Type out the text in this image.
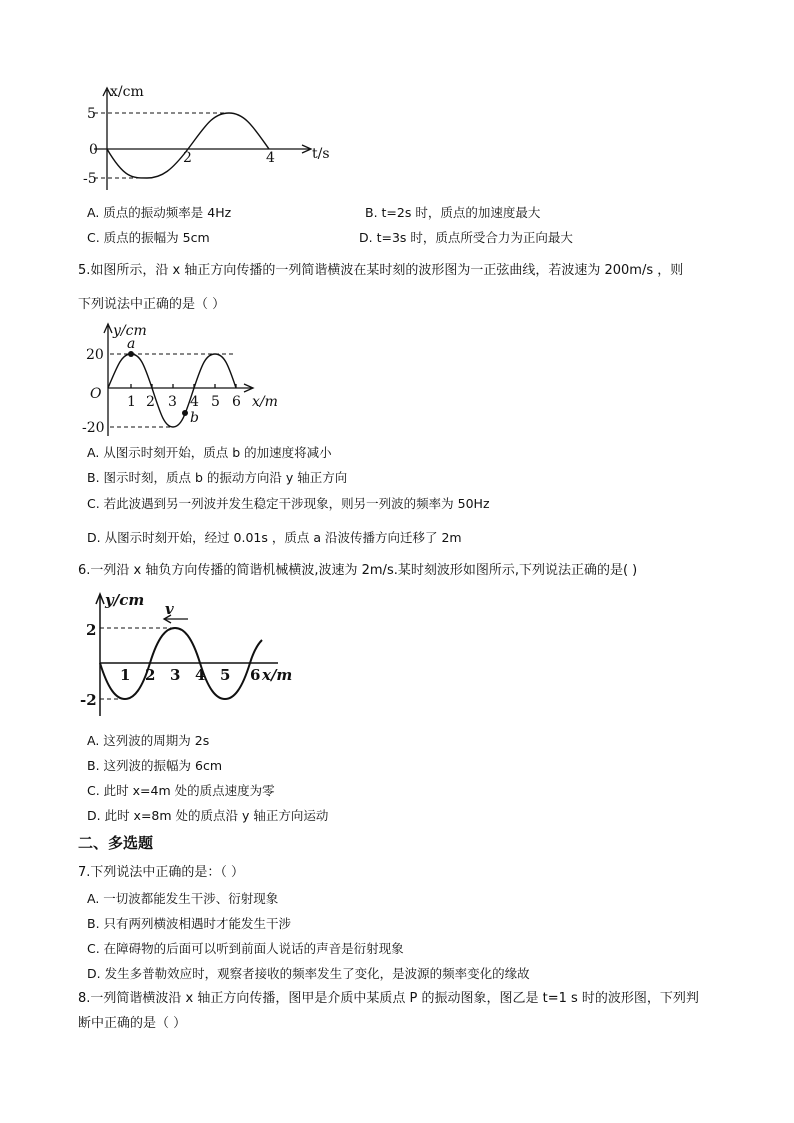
x/cm
5
0
-5
2	4	t/s
A. 质点的振动频率是 4Hz	B. t=2s 时，质点的加速度最大
C. 质点的振幅为 5cm	D. t=3s 时，质点所受合力为正向最大
5.如图所示，沿 x 轴正方向传播的一列简谐横波在某时刻的波形图为一正弦曲线，若波速为 200m/s ，则
下列说法中正确的是（ ）
y/cm
20
O
-20
a
b
1 2 3 4 5 6 x/m
A. 从图示时刻开始，质点 b 的加速度将减小
B. 图示时刻，质点 b 的振动方向沿 y 轴正方向
C. 若此波遇到另一列波并发生稳定干涉现象，则另一列波的频率为 50Hz
D. 从图示时刻开始，经过 0.01s ，质点 a 沿波传播方向迁移了 2m
6.一列沿 x 轴负方向传播的简谐机械横波,波速为 2m/s.某时刻波形如图所示,下列说法正确的是( )
y/cm
2
-2
v
1 2 3 4 5 6 x/m
A. 这列波的周期为 2s
B. 这列波的振幅为 6cm
C. 此时 x=4m 处的质点速度为零
D. 此时 x=8m 处的质点沿 y 轴正方向运动
二、多选题
7.下列说法中正确的是：（ ）
A. 一切波都能发生干涉、衍射现象
B. 只有两列横波相遇时才能发生干涉
C. 在障碍物的后面可以听到前面人说话的声音是衍射现象
D. 发生多普勒效应时，观察者接收的频率发生了变化，是波源的频率变化的缘故
8.一列简谐横波沿 x 轴正方向传播，图甲是介质中某质点 P 的振动图象，图乙是 t=1 s 时的波形图，下列判
断中正确的是（ ）
